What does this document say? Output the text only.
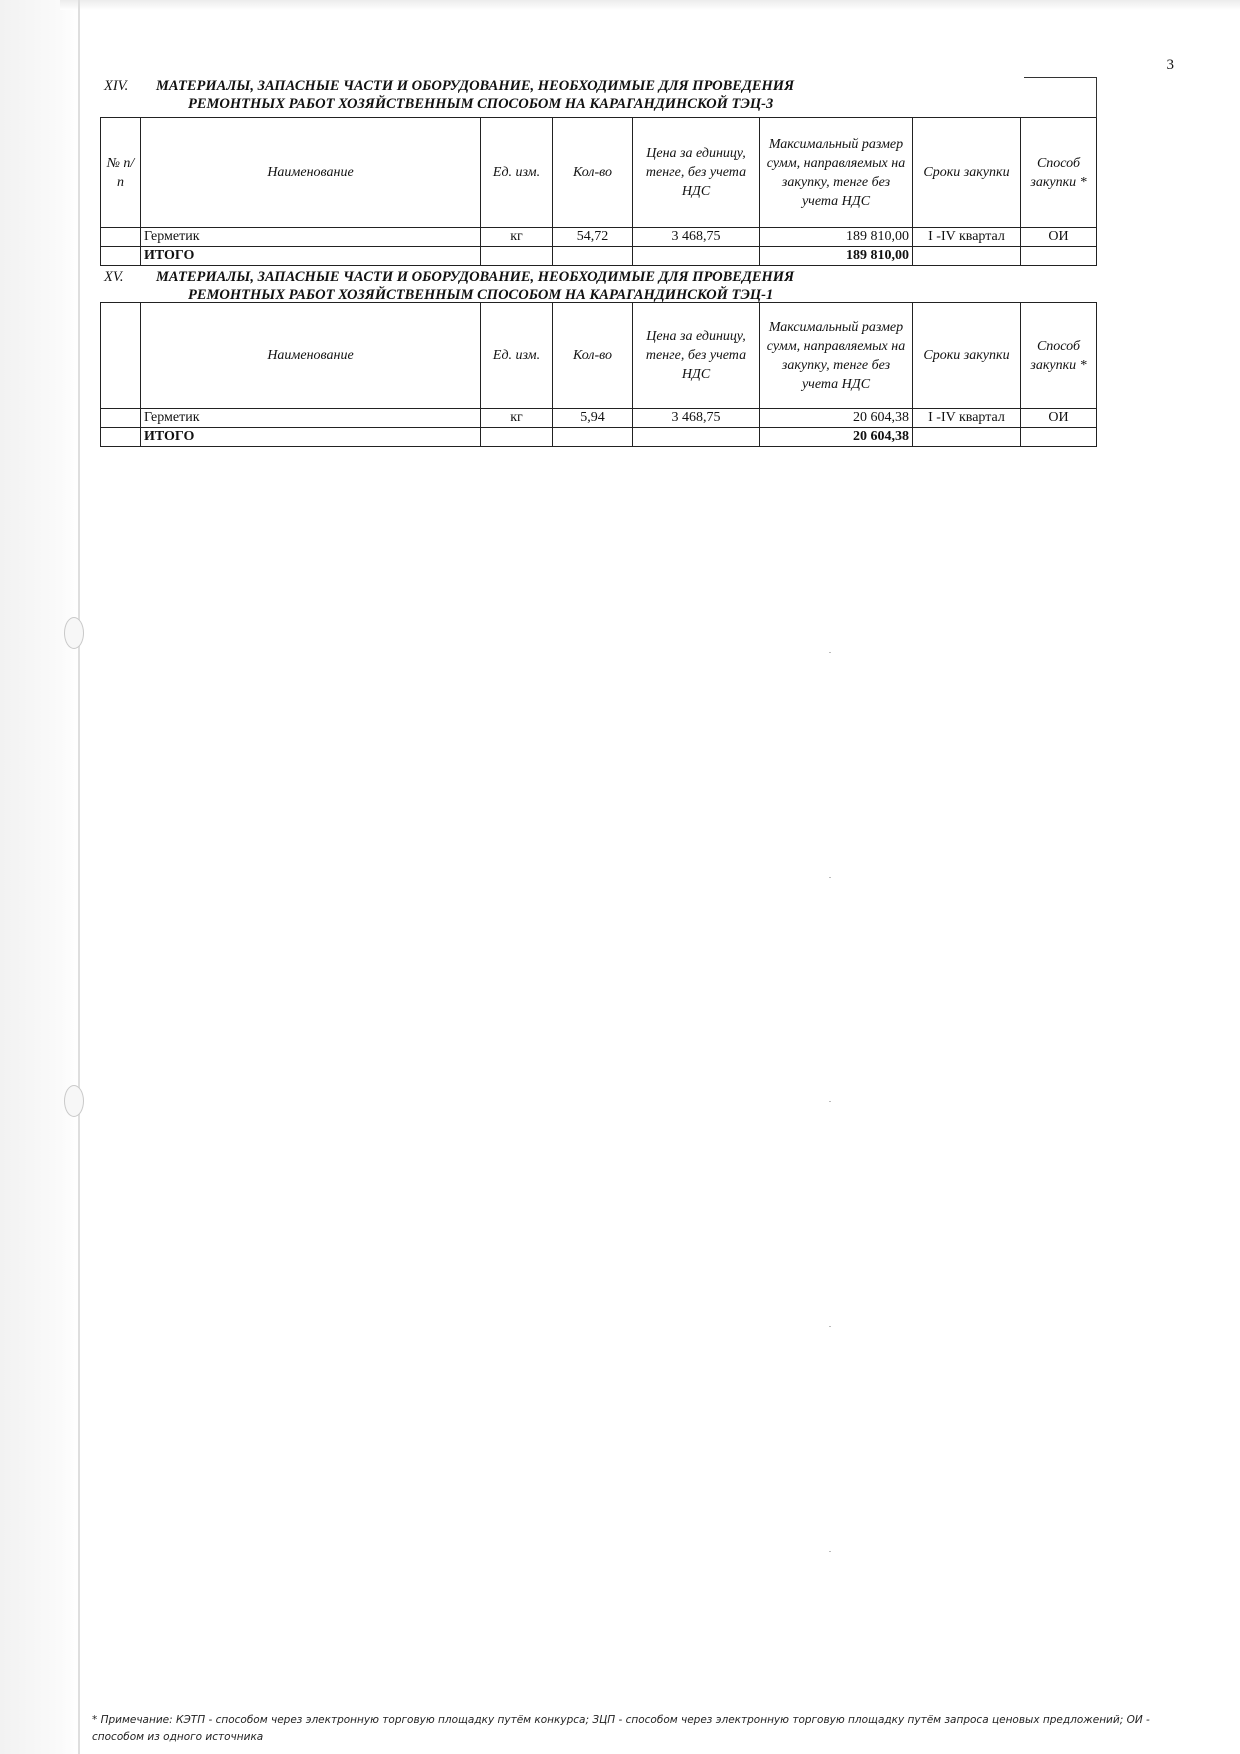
3
XIV. МАТЕРИАЛЫ, ЗАПАСНЫЕ ЧАСТИ И ОБОРУДОВАНИЕ, НЕОБХОДИМЫЕ ДЛЯ ПРОВЕДЕНИЯ
РЕМОНТНЫХ РАБОТ ХОЗЯЙСТВЕННЫМ СПОСОБОМ НА КАРАГАНДИНСКОЙ ТЭЦ-3
№ п/п	Наименование	Ед. изм.	Кол-во	Цена за единицу, тенге, без учета НДС	Максимальный размер сумм, направляемых на закупку, тенге без учета НДС	Сроки закупки	Способ закупки *
	Герметик	кг	54,72	3 468,75	189 810,00	I -IV квартал	ОИ
	ИТОГО				189 810,00		
XV. МАТЕРИАЛЫ, ЗАПАСНЫЕ ЧАСТИ И ОБОРУДОВАНИЕ, НЕОБХОДИМЫЕ ДЛЯ ПРОВЕДЕНИЯ
РЕМОНТНЫХ РАБОТ ХОЗЯЙСТВЕННЫМ СПОСОБОМ НА КАРАГАНДИНСКОЙ ТЭЦ-1
	Наименование	Ед. изм.	Кол-во	Цена за единицу, тенге, без учета НДС	Максимальный размер сумм, направляемых на закупку, тенге без учета НДС	Сроки закупки	Способ закупки *
	Герметик	кг	5,94	3 468,75	20 604,38	I -IV квартал	ОИ
	ИТОГО				20 604,38		
* Примечание: КЭТП - способом через электронную торговую площадку путём конкурса; ЗЦП - способом через электронную торговую площадку путём запроса ценовых предложений; ОИ - способом из одного источника
